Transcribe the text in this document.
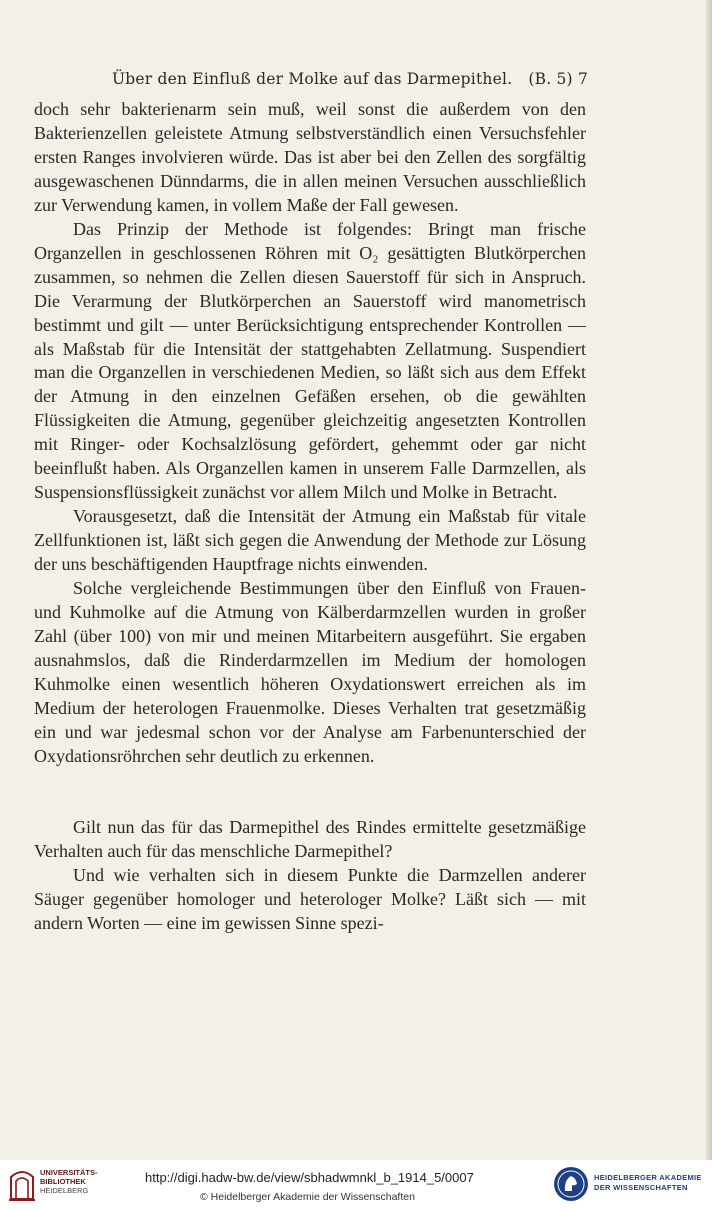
Über den Einfluß der Molke auf das Darmepithel. (B. 5) 7

doch sehr bakterienarm sein muß, weil sonst die außerdem von den Bakterienzellen geleistete Atmung selbstverständlich einen Versuchsfehler ersten Ranges involvieren würde. Das ist aber bei den Zellen des sorgfältig ausgewaschenen Dünndarms, die in allen meinen Versuchen ausschließlich zur Verwendung kamen, in vollem Maße der Fall gewesen.

Das Prinzip der Methode ist folgendes: Bringt man frische Organzellen in geschlossenen Röhren mit O₂ gesättigten Blutkörperchen zusammen, so nehmen die Zellen diesen Sauerstoff für sich in Anspruch. Die Verarmung der Blutkörperchen an Sauerstoff wird manometrisch bestimmt und gilt — unter Berücksichtigung entsprechender Kontrollen — als Maßstab für die Intensität der stattgehabten Zellatmung. Suspendiert man die Organzellen in verschiedenen Medien, so läßt sich aus dem Effekt der Atmung in den einzelnen Gefäßen ersehen, ob die gewählten Flüssigkeiten die Atmung, gegenüber gleichzeitig angesetzten Kontrollen mit Ringer- oder Kochsalzlösung gefördert, gehemmt oder gar nicht beeinflußt haben. Als Organzellen kamen in unserem Falle Darmzellen, als Suspensionsflüssigkeit zunächst vor allem Milch und Molke in Betracht.

Vorausgesetzt, daß die Intensität der Atmung ein Maßstab für vitale Zellfunktionen ist, läßt sich gegen die Anwendung der Methode zur Lösung der uns beschäftigenden Hauptfrage nichts einwenden.

Solche vergleichende Bestimmungen über den Einfluß von Frauen- und Kuhmolke auf die Atmung von Kälberdarmzellen wurden in großer Zahl (über 100) von mir und meinen Mitarbeitern ausgeführt. Sie ergaben ausnahmslos, daß die Rinderdarmzellen im Medium der homologen Kuhmolke einen wesentlich höheren Oxydationswert erreichen als im Medium der heterologen Frauenmolke. Dieses Verhalten trat gesetzmäßig ein und war jedesmal schon vor der Analyse am Farbenunterschied der Oxydationsröhrchen sehr deutlich zu erkennen.

Gilt nun das für das Darmepithel des Rindes ermittelte gesetzmäßige Verhalten auch für das menschliche Darmepithel?

Und wie verhalten sich in diesem Punkte die Darmzellen anderer Säuger gegenüber homologer und heterologer Molke? Läßt sich — mit andern Worten — eine im gewissen Sinne spezi-

UNIVERSITÄTS-
BIBLIOTHEK
HEIDELBERG
http://digi.hadw-bw.de/view/sbhadwmnkl_b_1914_5/0007
© Heidelberger Akademie der Wissenschaften
HEIDELBERGER AKADEMIE
DER WISSENSCHAFTEN
